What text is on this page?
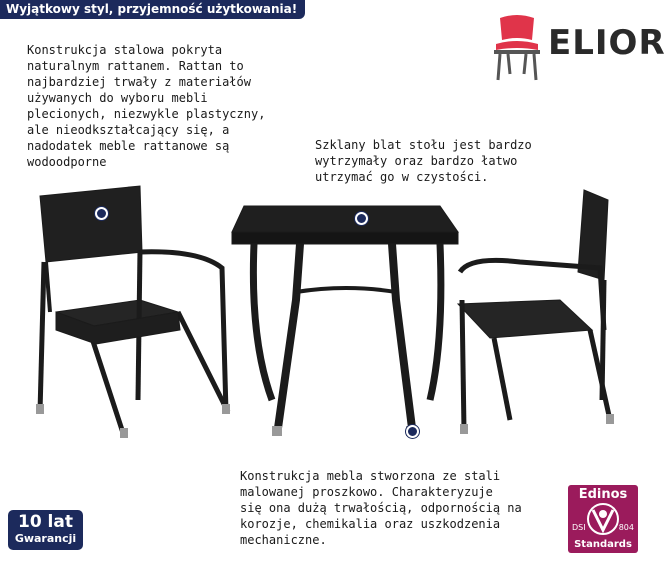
Wyjątkowy styl, przyjemność użytkowania!
ELIOR
Konstrukcja stalowa pokryta
naturalnym rattanem. Rattan to
najbardziej trwały z materiałów
używanych do wyboru mebli
plecionych, niezwykle plastyczny,
ale nieodkształcający się, a
nadodatek meble rattanowe są
wodoodporne
Szklany blat stołu jest bardzo
wytrzymały oraz bardzo łatwo
utrzymać go w czystości.
Konstrukcja mebla stworzona ze stali
malowanej proszkowo. Charakteryzuje
się ona dużą trwałością, odpornością na
korozje, chemikalia oraz uszkodzenia
mechaniczne.
10 lat
Gwarancji
Edinos
DSI	804
Standards
